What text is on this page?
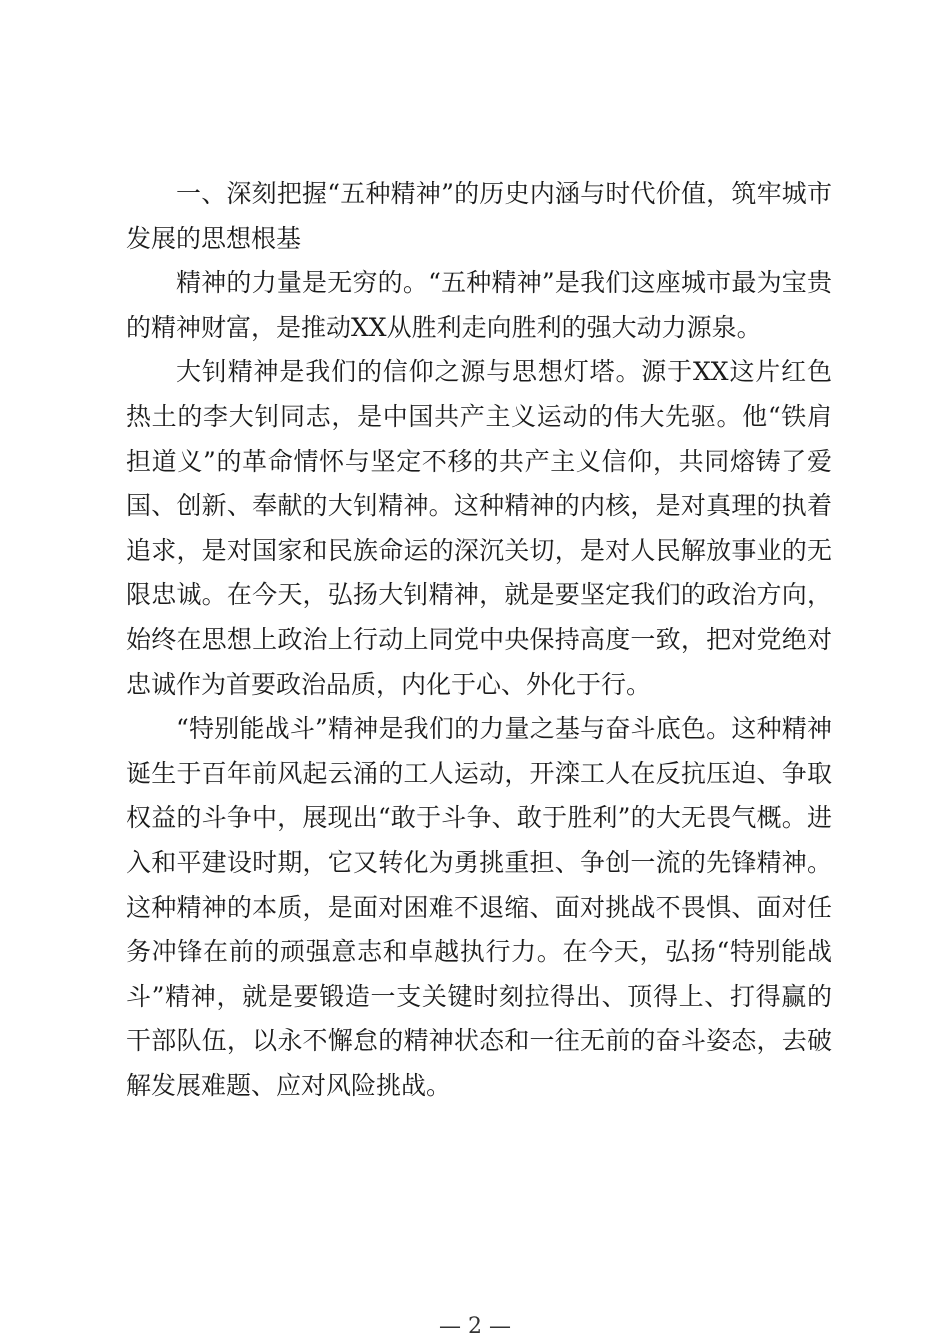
一、深刻把握“五种精神”的历史内涵与时代价值，筑牢城市发展的思想根基

精神的力量是无穷的。“五种精神”是我们这座城市最为宝贵的精神财富，是推动XX从胜利走向胜利的强大动力源泉。

大钊精神是我们的信仰之源与思想灯塔。源于XX这片红色热土的李大钊同志，是中国共产主义运动的伟大先驱。他“铁肩担道义”的革命情怀与坚定不移的共产主义信仰，共同熔铸了爱国、创新、奉献的大钊精神。这种精神的内核，是对真理的执着追求，是对国家和民族命运的深沉关切，是对人民解放事业的无限忠诚。在今天，弘扬大钊精神，就是要坚定我们的政治方向，始终在思想上政治上行动上同党中央保持高度一致，把对党绝对忠诚作为首要政治品质，内化于心、外化于行。

“特别能战斗”精神是我们的力量之基与奋斗底色。这种精神诞生于百年前风起云涌的工人运动，开滦工人在反抗压迫、争取权益的斗争中，展现出“敢于斗争、敢于胜利”的大无畏气概。进入和平建设时期，它又转化为勇挑重担、争创一流的先锋精神。这种精神的本质，是面对困难不退缩、面对挑战不畏惧、面对任务冲锋在前的顽强意志和卓越执行力。在今天，弘扬“特别能战斗”精神，就是要锻造一支关键时刻拉得出、顶得上、打得赢的干部队伍，以永不懈怠的精神状态和一往无前的奋斗姿态，去破解发展难题、应对风险挑战。

— 2 —
